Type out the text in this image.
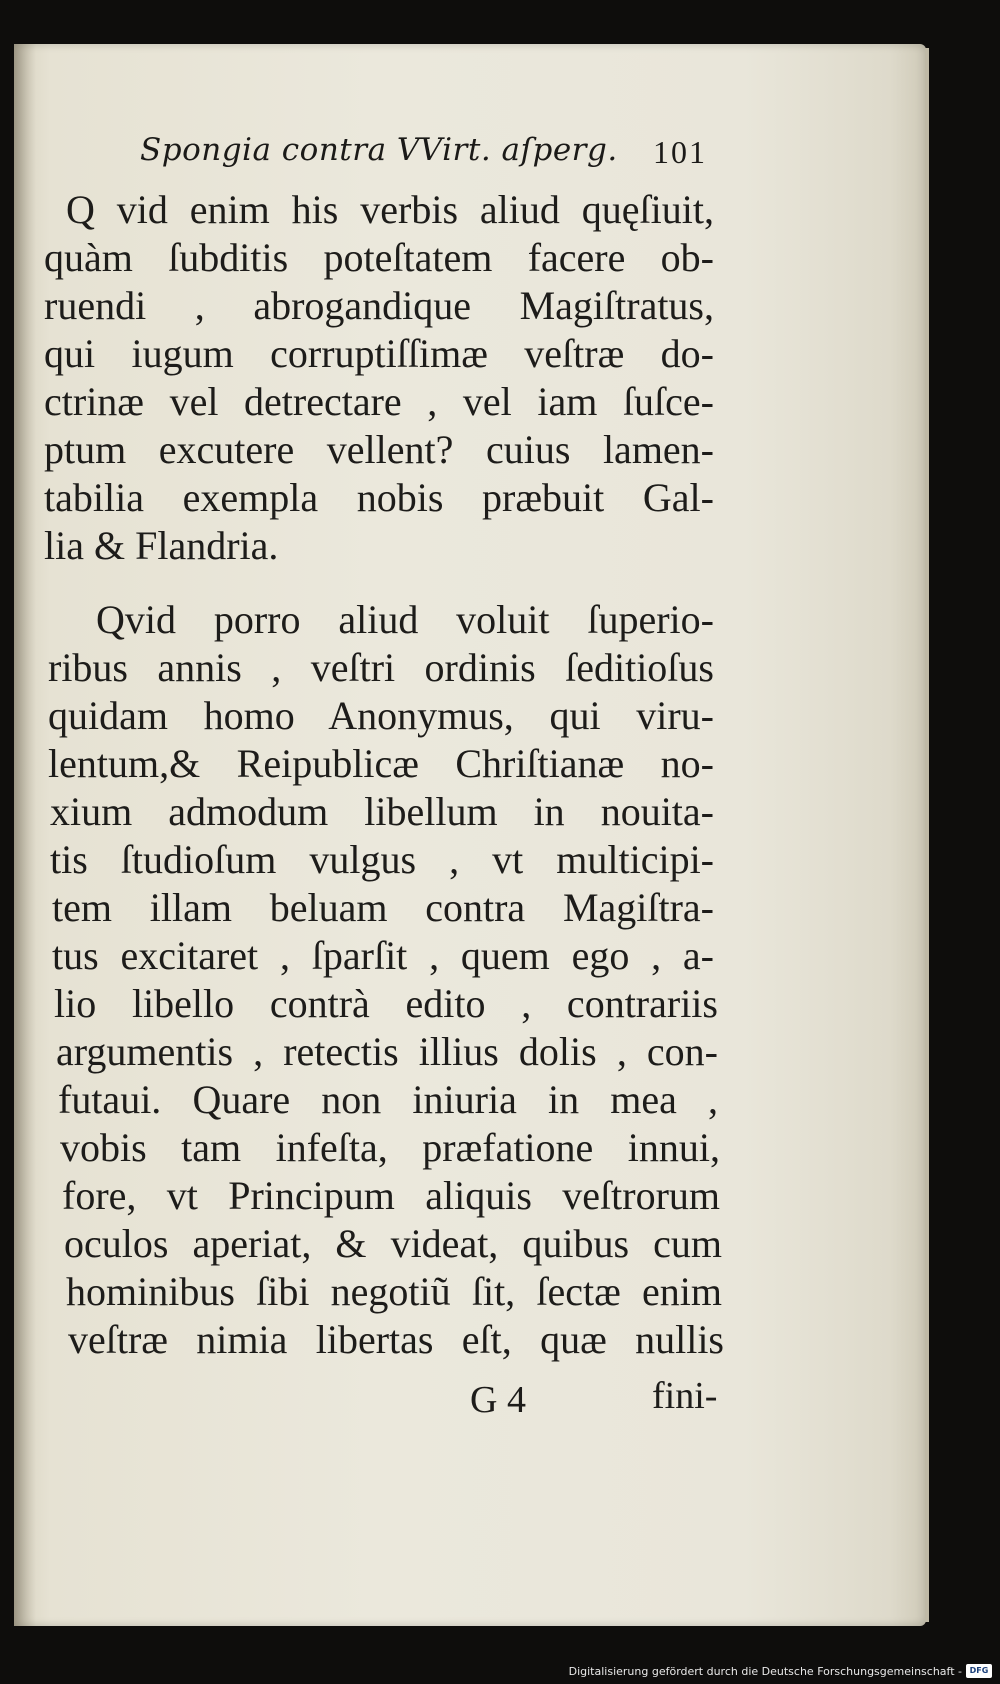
Spongia contra VVirt. aſperg. 101
Q vid enim his verbis aliud quęſiuit,
quàm ſubditis poteſtatem facere ob-
ruendi , abrogandique Magiſtratus,
qui iugum corruptiſſimæ veſtræ do-
ctrinæ vel detrectare , vel iam ſuſce-
ptum excutere vellent? cuius lamen-
tabilia exempla nobis præbuit Gal-
lia & Flandria.
Qvid porro aliud voluit ſuperio-
ribus annis , veſtri ordinis ſeditioſus
quidam homo Anonymus, qui viru-
lentum,& Reipublicæ Chriſtianæ no-
xium admodum libellum in nouita-
tis ſtudioſum vulgus , vt multicipi-
tem illam beluam contra Magiſtra-
tus excitaret , ſparſit , quem ego , a-
lio libello contrà edito , contrariis
argumentis , retectis illius dolis , con-
futaui. Quare non iniuria in mea ,
vobis tam infeſta, præfatione innui,
fore, vt Principum aliquis veſtrorum
oculos aperiat, & videat, quibus cum
hominibus ſibi negotiũ ſit, ſectæ enim
veſtræ nimia libertas eſt, quæ nullis
G 4	fini-
Digitalisierung gefördert durch die Deutsche Forschungsgemeinschaft - DFG
